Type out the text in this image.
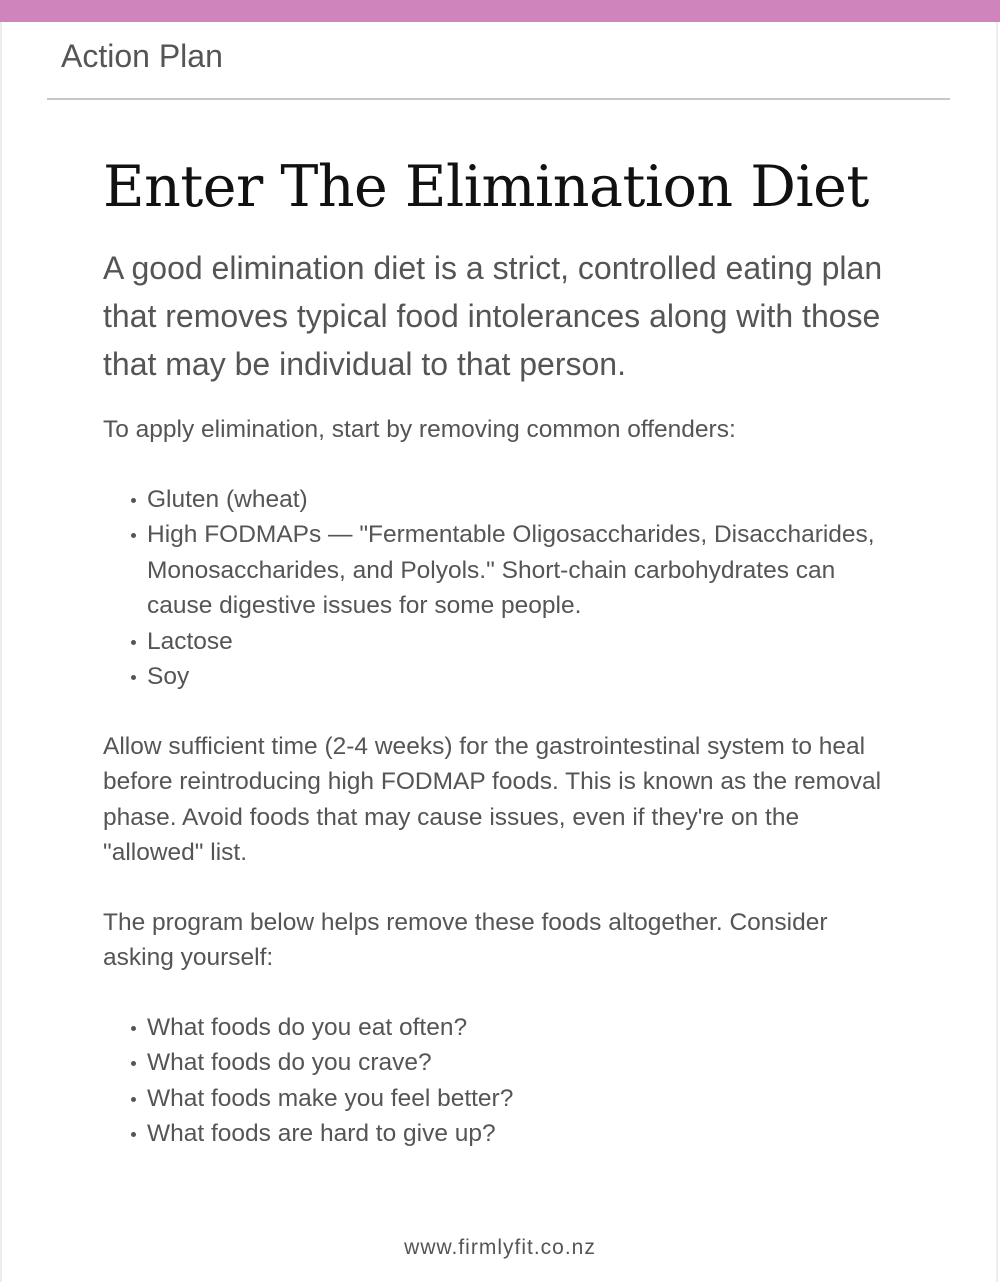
Action Plan
Enter The Elimination Diet

A good elimination diet is a strict, controlled eating plan that removes typical food intolerances along with those that may be individual to that person.

To apply elimination, start by removing common offenders:

Gluten (wheat)
High FODMAPs — "Fermentable Oligosaccharides, Disaccharides, Monosaccharides, and Polyols." Short-chain carbohydrates can cause digestive issues for some people.
Lactose
Soy

Allow sufficient time (2-4 weeks) for the gastrointestinal system to heal before reintroducing high FODMAP foods. This is known as the removal phase. Avoid foods that may cause issues, even if they're on the "allowed" list.

The program below helps remove these foods altogether. Consider asking yourself:

What foods do you eat often?
What foods do you crave?
What foods make you feel better?
What foods are hard to give up?
www.firmlyfit.co.nz
